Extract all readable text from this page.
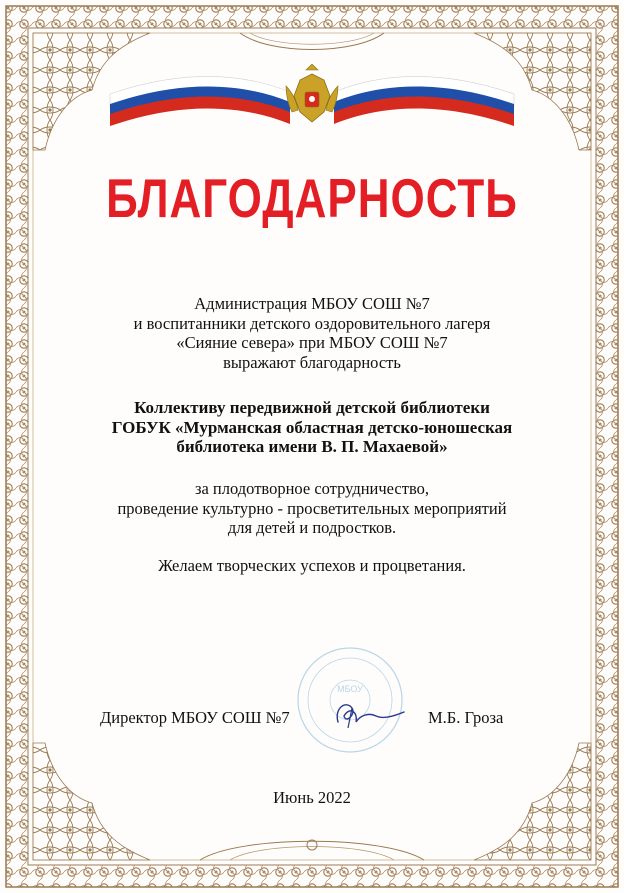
МБОУ
БЛАГОДАРНОСТЬ

Администрация МБОУ СОШ №7

и воспитанники детского оздоровительного лагеря

«Сияние севера» при МБОУ СОШ №7

выражают благодарность

Коллективу передвижной детской библиотеки

ГОБУК «Мурманская областная детско-юношеская

библиотека имени В. П. Махаевой»

за плодотворное сотрудничество,

проведение культурно - просветительных мероприятий

для детей и подростков.

Желаем творческих успехов и процветания.
Директор МБОУ СОШ №7	М.Б. Гроза
Июнь 2022
